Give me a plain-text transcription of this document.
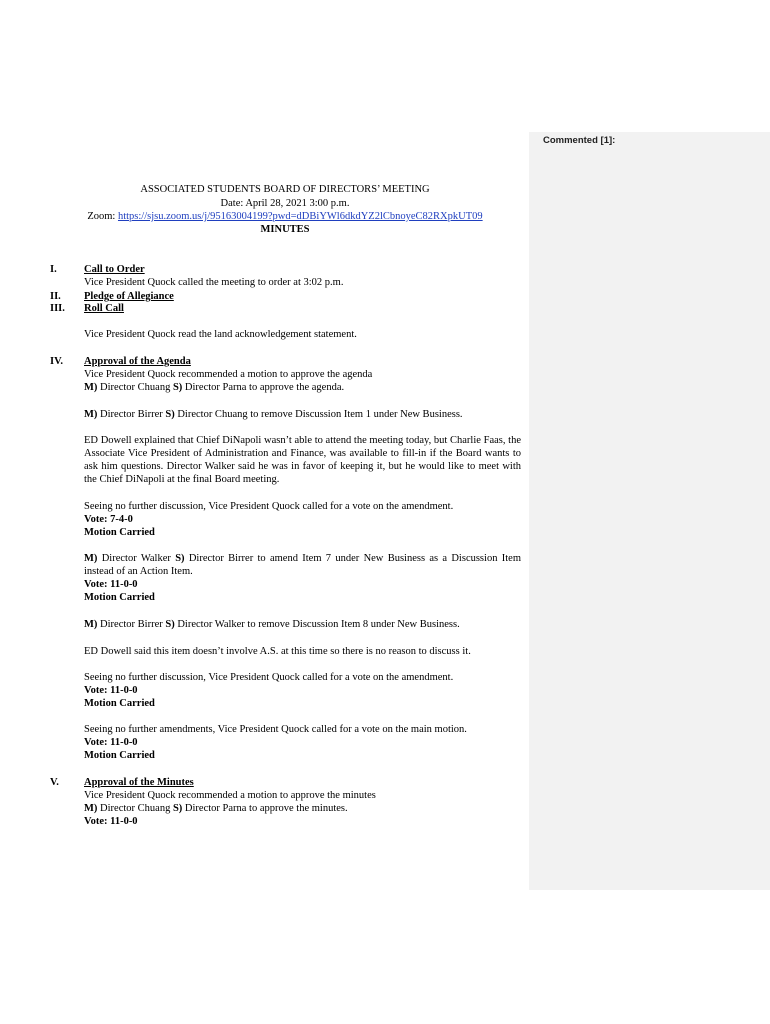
Commented [1]:
ASSOCIATED STUDENTS BOARD OF DIRECTORS’ MEETING
Date: April 28, 2021 3:00 p.m.
Zoom: https://sjsu.zoom.us/j/95163004199?pwd=dDBiYWl6dkdYZ2lCbnoyeC82RXpkUT09
MINUTES
I.	Call to Order
Vice President Quock called the meeting to order at 3:02 p.m.
II. Pledge of Allegiance
III. Roll Call
Vice President Quock read the land acknowledgement statement.
IV. Approval of the Agenda
Vice President Quock recommended a motion to approve the agenda
M) Director Chuang S) Director Parna to approve the agenda.
M) Director Birrer S) Director Chuang to remove Discussion Item 1 under New Business.
ED Dowell explained that Chief DiNapoli wasn’t able to attend the meeting today, but Charlie Faas, the Associate Vice President of Administration and Finance, was available to fill-in if the Board wants to ask him questions. Director Walker said he was in favor of keeping it, but he would like to meet with the Chief DiNapoli at the final Board meeting.
Seeing no further discussion, Vice President Quock called for a vote on the amendment.
Vote: 7-4-0
Motion Carried
M) Director Walker S) Director Birrer to amend Item 7 under New Business as a Discussion Item instead of an Action Item.
Vote: 11-0-0
Motion Carried
M) Director Birrer S) Director Walker to remove Discussion Item 8 under New Business.
ED Dowell said this item doesn’t involve A.S. at this time so there is no reason to discuss it.
Seeing no further discussion, Vice President Quock called for a vote on the amendment.
Vote: 11-0-0
Motion Carried
Seeing no further amendments, Vice President Quock called for a vote on the main motion.
Vote: 11-0-0
Motion Carried
V. Approval of the Minutes
Vice President Quock recommended a motion to approve the minutes
M) Director Chuang S) Director Parna to approve the minutes.
Vote: 11-0-0
